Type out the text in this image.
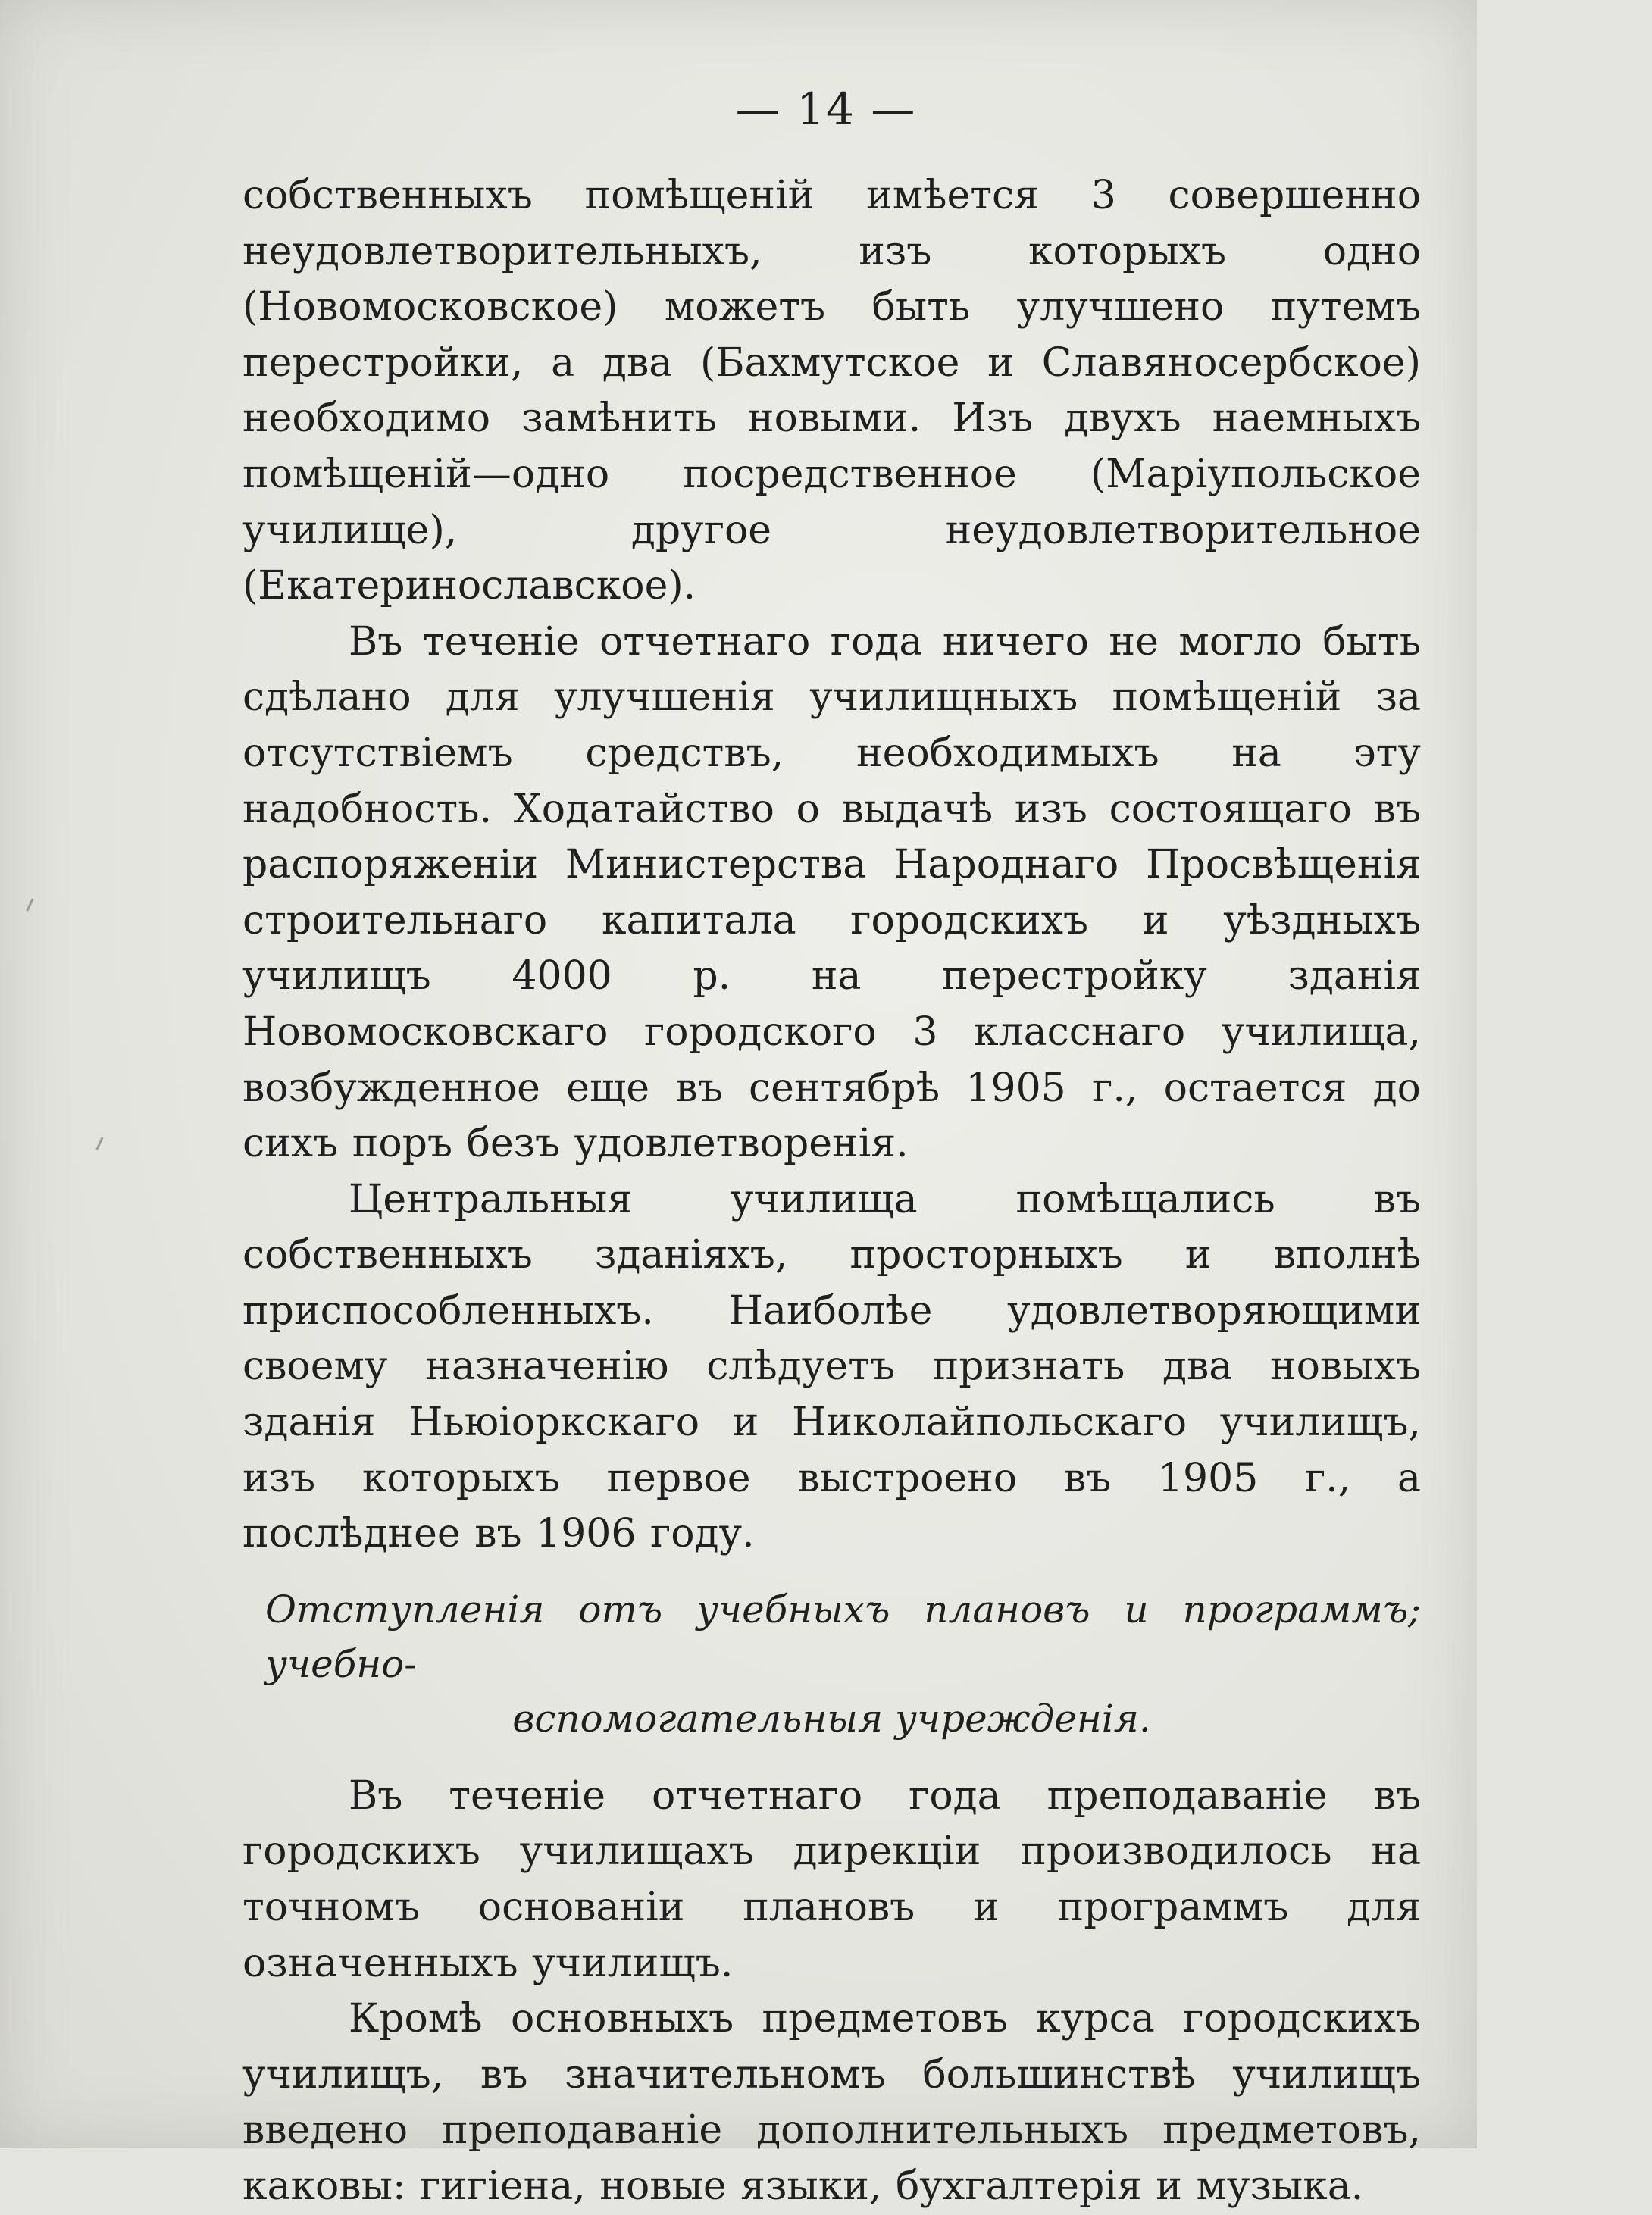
— 14 —

собственныхъ помѣщеній имѣется 3 совершенно неудовлетворительныхъ, изъ которыхъ одно (Новомосковское) можетъ быть улучшено путемъ перестройки, а два (Бахмутское и Славяносербское) необходимо замѣнить новыми. Изъ двухъ наемныхъ помѣщеній—одно посредственное (Маріупольское училище), другое неудовлетворительное (Екатеринославское).

Въ теченіе отчетнаго года ничего не могло быть сдѣлано для улучшенія училищныхъ помѣщеній за отсутствіемъ средствъ, необходимыхъ на эту надобность. Ходатайство о выдачѣ изъ состоящаго въ распоряженіи Министерства Народнаго Просвѣщенія строительнаго капитала городскихъ и уѣздныхъ училищъ 4000 р. на перестройку зданія Новомосковскаго городского 3 класснаго училища, возбужденное еще въ сентябрѣ 1905 г., остается до сихъ поръ безъ удовлетворенія.

Центральныя училища помѣщались въ собственныхъ зданіяхъ, просторныхъ и вполнѣ приспособленныхъ. Наиболѣе удовлетворяющими своему назначенію слѣдуетъ признать два новыхъ зданія Ньюіоркскаго и Николайпольскаго училищъ, изъ которыхъ первое выстроено въ 1905 г., а послѣднее въ 1906 году.

Отступленія отъ учебныхъ плановъ и программъ; учебно-
вспомогательныя учрежденія.

Въ теченіе отчетнаго года преподаваніе въ городскихъ училищахъ дирекціи производилось на точномъ основаніи плановъ и программъ для означенныхъ училищъ.

Кромѣ основныхъ предметовъ курса городскихъ училищъ, въ значительномъ большинствѣ училищъ введено преподаваніе дополнительныхъ предметовъ, каковы: гигіена, новые языки, бухгалтерія и музыка.
